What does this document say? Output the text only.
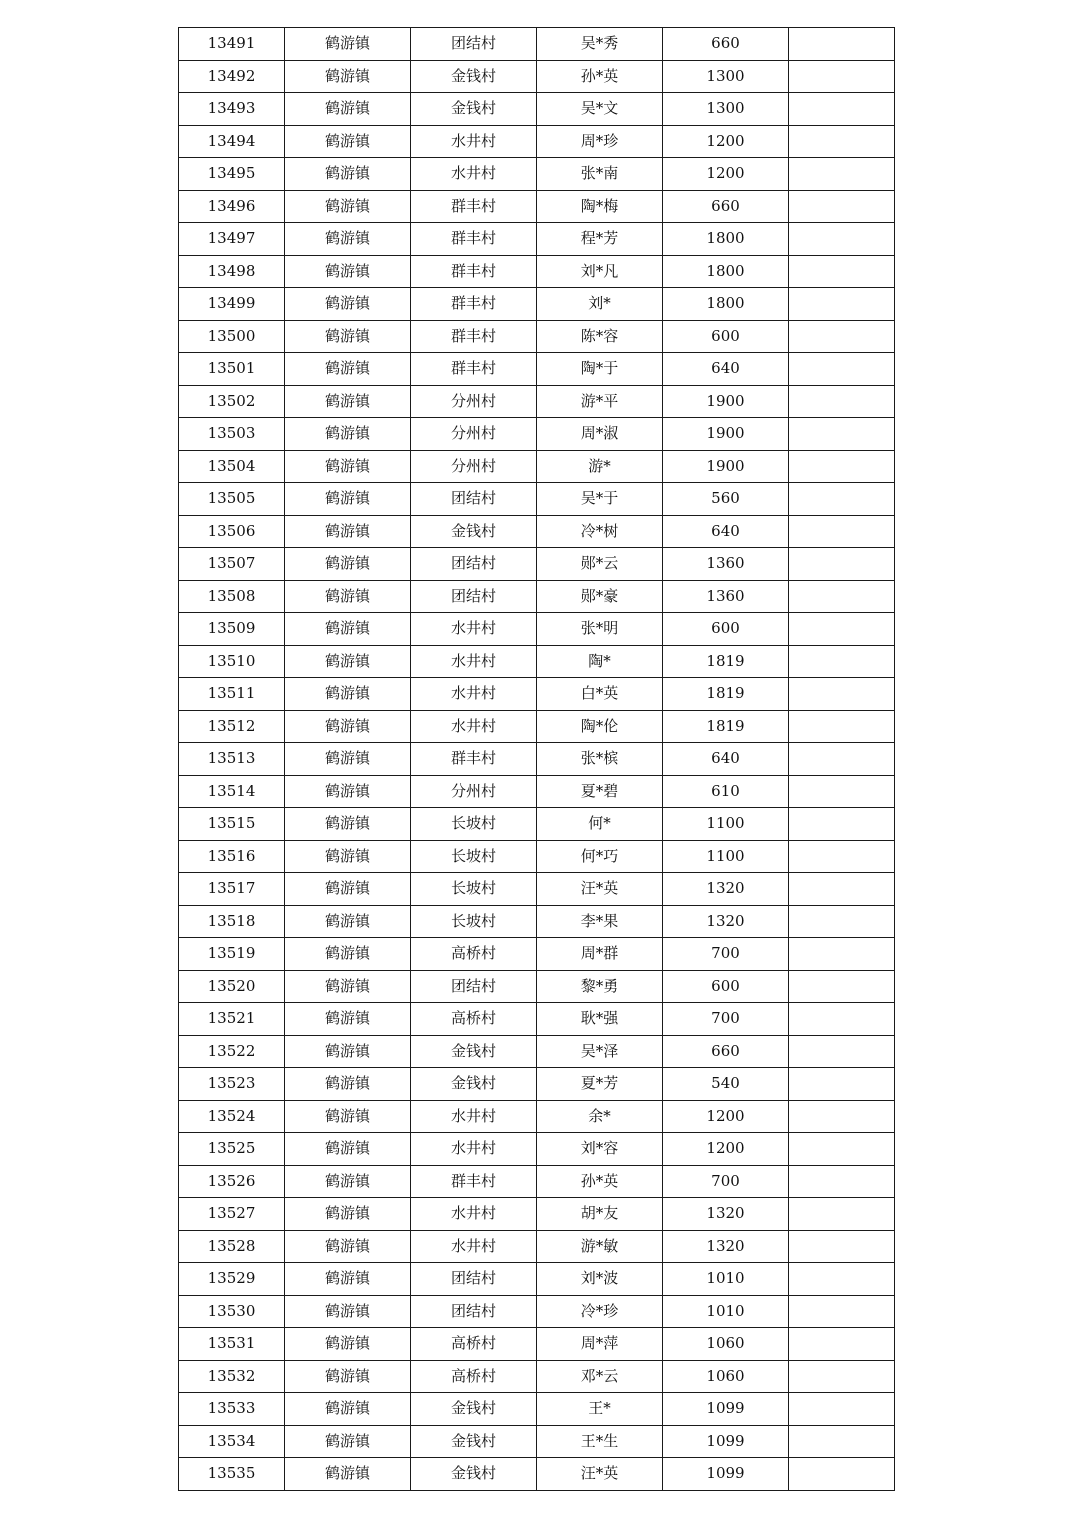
13491	鹤游镇	团结村	吴*秀	660	
13492	鹤游镇	金钱村	孙*英	1300	
13493	鹤游镇	金钱村	吴*文	1300	
13494	鹤游镇	水井村	周*珍	1200	
13495	鹤游镇	水井村	张*南	1200	
13496	鹤游镇	群丰村	陶*梅	660	
13497	鹤游镇	群丰村	程*芳	1800	
13498	鹤游镇	群丰村	刘*凡	1800	
13499	鹤游镇	群丰村	刘*	1800	
13500	鹤游镇	群丰村	陈*容	600	
13501	鹤游镇	群丰村	陶*于	640	
13502	鹤游镇	分州村	游*平	1900	
13503	鹤游镇	分州村	周*淑	1900	
13504	鹤游镇	分州村	游*	1900	
13505	鹤游镇	团结村	吴*于	560	
13506	鹤游镇	金钱村	冷*树	640	
13507	鹤游镇	团结村	郧*云	1360	
13508	鹤游镇	团结村	郧*豪	1360	
13509	鹤游镇	水井村	张*明	600	
13510	鹤游镇	水井村	陶*	1819	
13511	鹤游镇	水井村	白*英	1819	
13512	鹤游镇	水井村	陶*伦	1819	
13513	鹤游镇	群丰村	张*槟	640	
13514	鹤游镇	分州村	夏*碧	610	
13515	鹤游镇	长坡村	何*	1100	
13516	鹤游镇	长坡村	何*巧	1100	
13517	鹤游镇	长坡村	汪*英	1320	
13518	鹤游镇	长坡村	李*果	1320	
13519	鹤游镇	高桥村	周*群	700	
13520	鹤游镇	团结村	黎*勇	600	
13521	鹤游镇	高桥村	耿*强	700	
13522	鹤游镇	金钱村	吴*泽	660	
13523	鹤游镇	金钱村	夏*芳	540	
13524	鹤游镇	水井村	余*	1200	
13525	鹤游镇	水井村	刘*容	1200	
13526	鹤游镇	群丰村	孙*英	700	
13527	鹤游镇	水井村	胡*友	1320	
13528	鹤游镇	水井村	游*敏	1320	
13529	鹤游镇	团结村	刘*波	1010	
13530	鹤游镇	团结村	冷*珍	1010	
13531	鹤游镇	高桥村	周*萍	1060	
13532	鹤游镇	高桥村	邓*云	1060	
13533	鹤游镇	金钱村	王*	1099	
13534	鹤游镇	金钱村	王*生	1099	
13535	鹤游镇	金钱村	汪*英	1099	
